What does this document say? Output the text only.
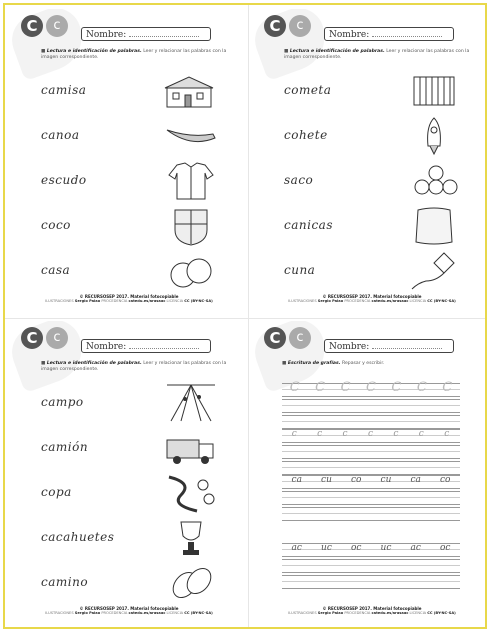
C	c
Nombre:
■ Lectura e identificación de palabras. Leer y relacionar las palabras con la imagen correspondiente.
camisa
canoa
escudo
coco
casa
© RECURSOSEP 2017. Material fotocopiable
ILUSTRACIONES Sergio Palao PROCEDENCIA catedu.es/arasaac LICENCIA CC (BY-NC-SA)
C	c
Nombre:
■ Lectura e identificación de palabras. Leer y relacionar las palabras con la imagen correspondiente.
cometa
cohete
saco
canicas
cuna
© RECURSOSEP 2017. Material fotocopiable
ILUSTRACIONES Sergio Palao PROCEDENCIA catedu.es/arasaac LICENCIA CC (BY-NC-SA)
C	c
Nombre:
■ Lectura e identificación de palabras. Leer y relacionar las palabras con la imagen correspondiente.
campo
camión
copa
cacahuetes
camino
© RECURSOSEP 2017. Material fotocopiable
ILUSTRACIONES Sergio Palao PROCEDENCIA catedu.es/arasaac LICENCIA CC (BY-NC-SA)
C	c
Nombre:
■ Escritura de grafías. Repasar y escribir.
C C C C C C C
c c c c c c c
ca cu co cu ca co
ac uc oc uc ac oc
© RECURSOSEP 2017. Material fotocopiable
ILUSTRACIONES Sergio Palao PROCEDENCIA catedu.es/arasaac LICENCIA CC (BY-NC-SA)
